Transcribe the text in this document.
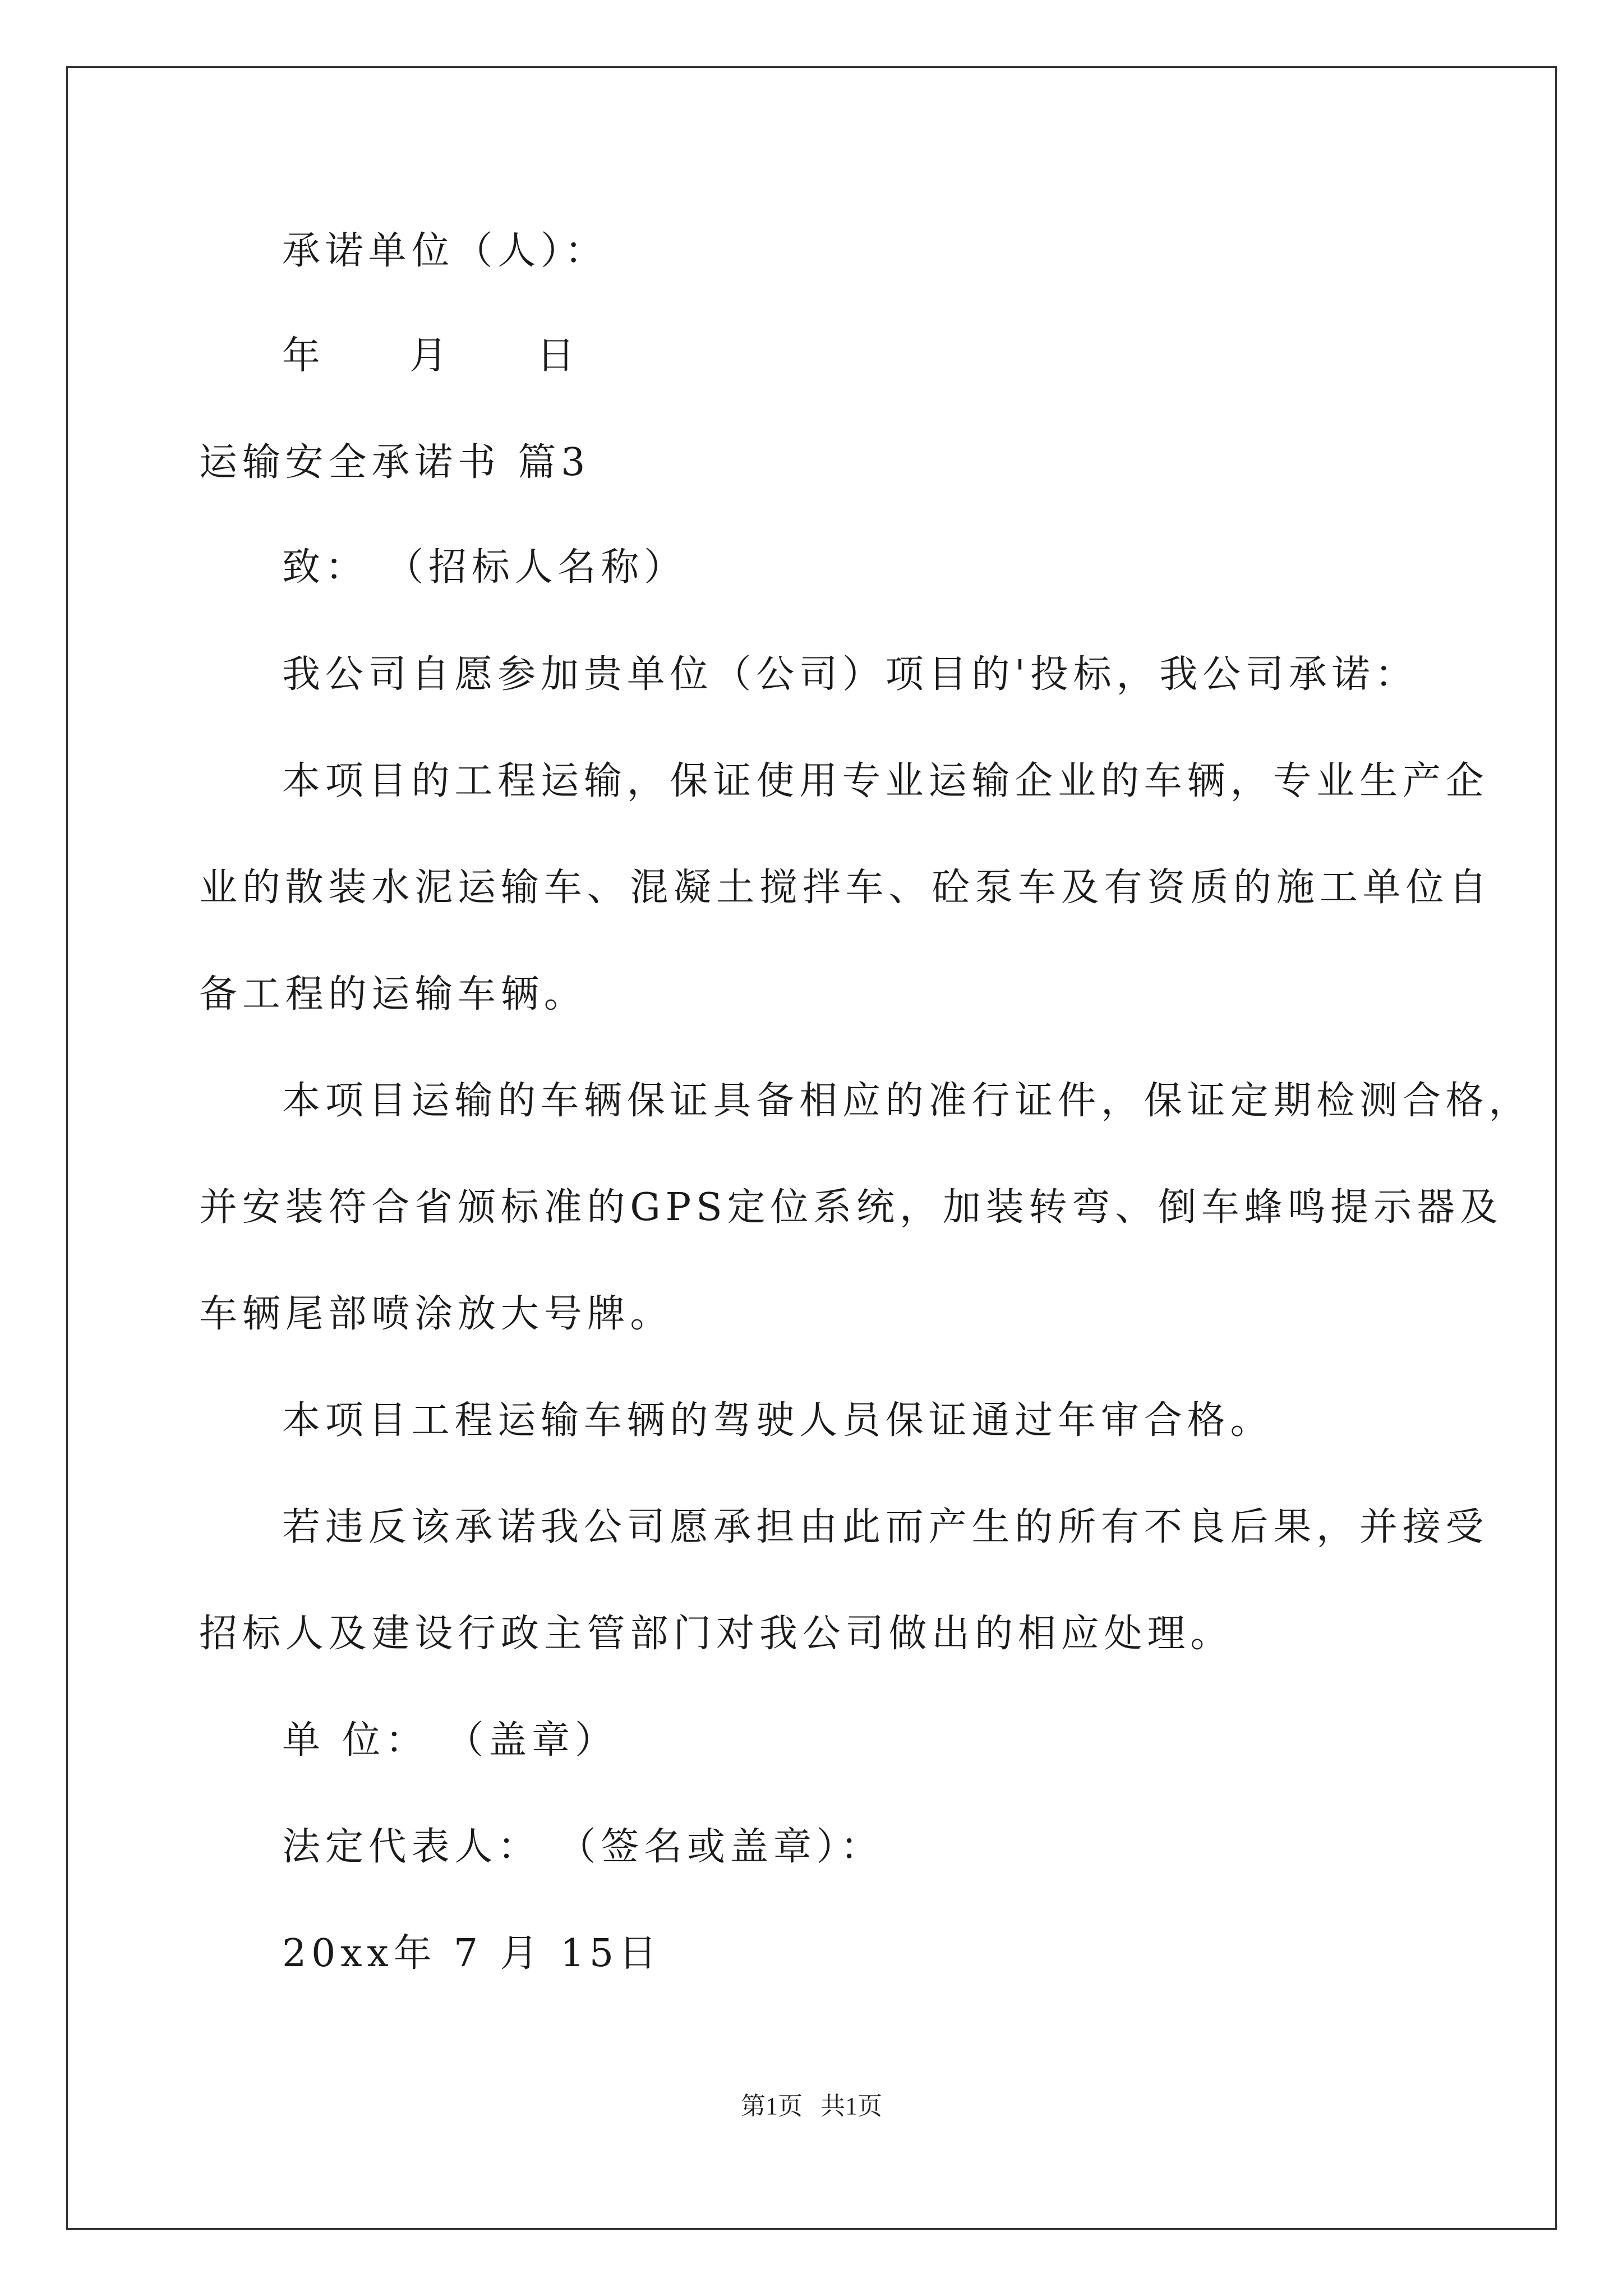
承诺单位（人）：
年 月 日
运输安全承诺书 篇3
致： （招标人名称）
我公司自愿参加贵单位（公司）项目的'投标，我公司承诺：
本项目的工程运输，保证使用专业运输企业的车辆，专业生产企
业的散装水泥运输车、混凝土搅拌车、砼泵车及有资质的施工单位自
备工程的运输车辆。
本项目运输的车辆保证具备相应的准行证件，保证定期检测合格，
并安装符合省颁标准的GPS定位系统，加装转弯、倒车蜂鸣提示器及
车辆尾部喷涂放大号牌。
本项目工程运输车辆的驾驶人员保证通过年审合格。
若违反该承诺我公司愿承担由此而产生的所有不良后果，并接受
招标人及建设行政主管部门对我公司做出的相应处理。
单 位： （盖章）
法定代表人： （签名或盖章）：
20xx年 7 月 15日
第1页 共1页
